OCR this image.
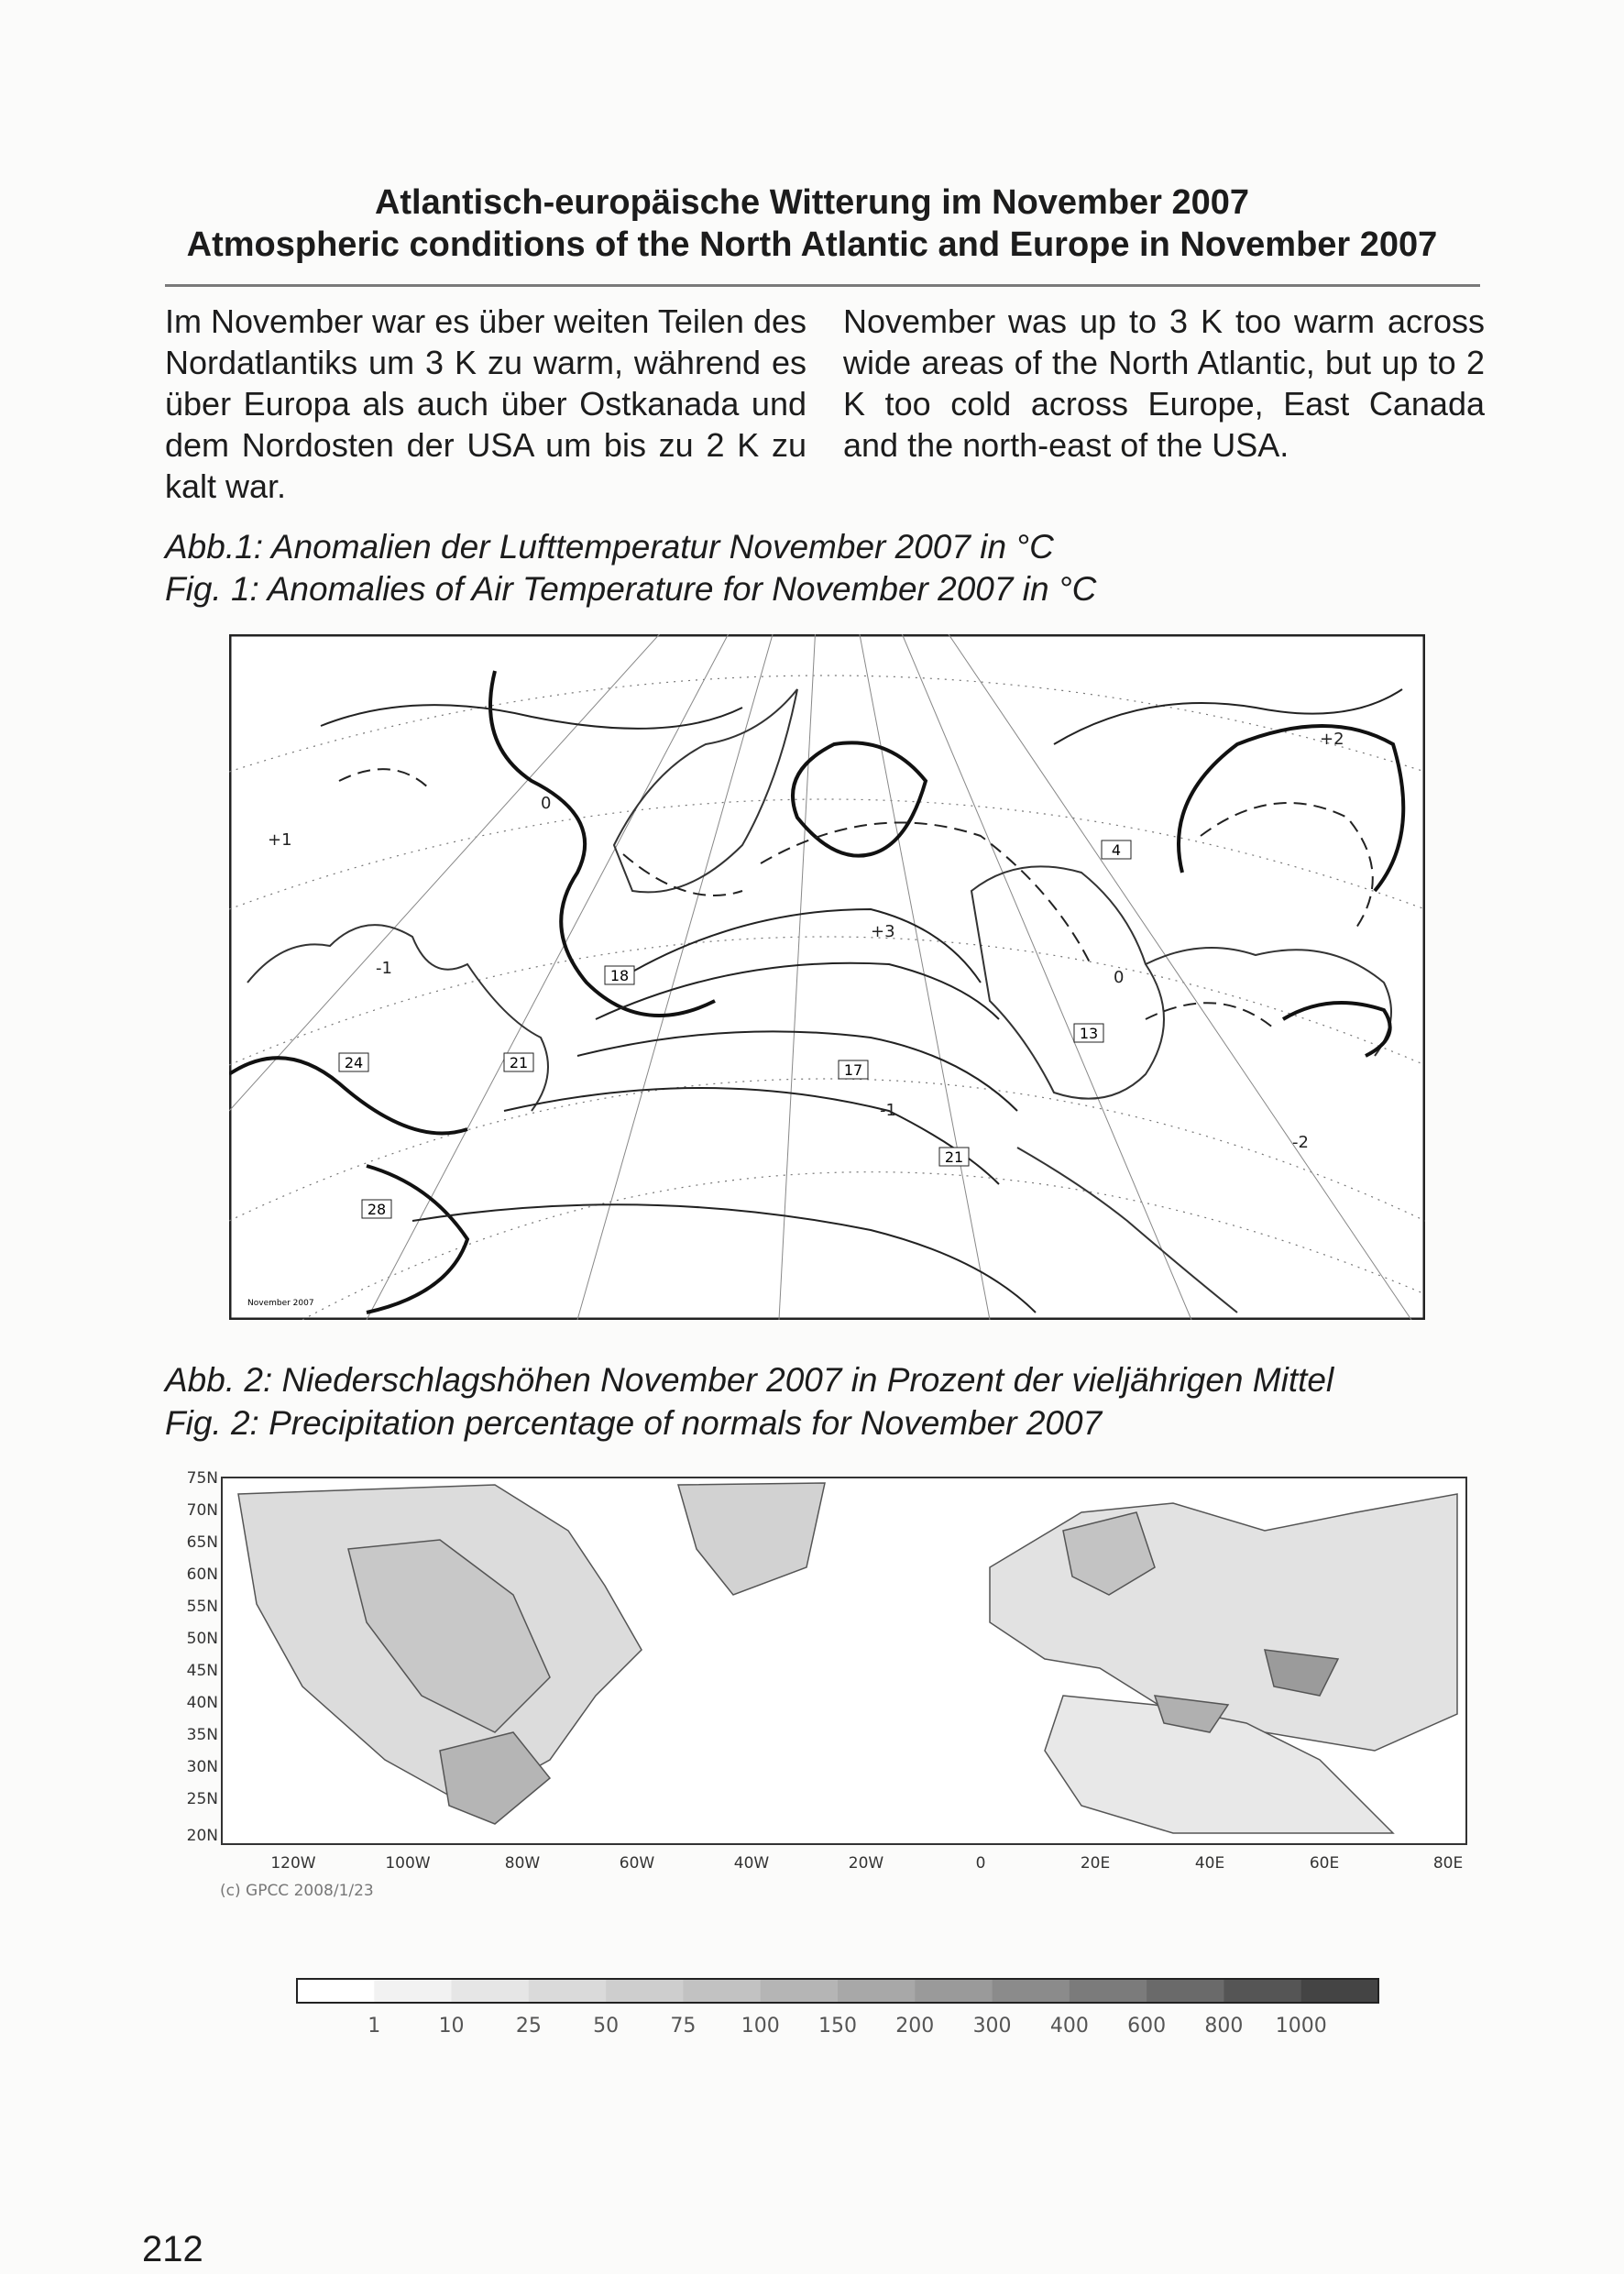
Atlantisch-europäische Witterung im November 2007
Atmospheric conditions of the North Atlantic and Europe in November 2007
Im November war es über weiten Teilen des Nordatlantiks um 3 K zu warm, während es über Europa als auch über Ostkanada und dem Nordosten der USA um bis zu 2 K zu kalt war.
November was up to 3 K too warm across wide areas of the North Atlantic, but up to 2 K too cold across Europe, East Canada and the north-east of the USA.
Abb.1: Anomalien der Lufttemperatur November 2007 in °C
Fig. 1: Anomalies of Air Temperature for November 2007 in °C
24	21
18
17
21
28
13
4
+1
+2
-1
-2
0
+3
-1
0
November 2007
Abb. 2: Niederschlagshöhen November 2007 in Prozent der vieljährigen Mittel
Fig. 2: Precipitation percentage of normals for November 2007
75N
70N
65N
60N
55N
50N
45N
40N
35N
30N
25N
20N
120W	100W	80W	60W	40W	20W	0	20E	40E	60E	80E
(c) GPCC 2008/1/23
1	10	25	50	75 100 150 200 300 400 600 800 1000
212
